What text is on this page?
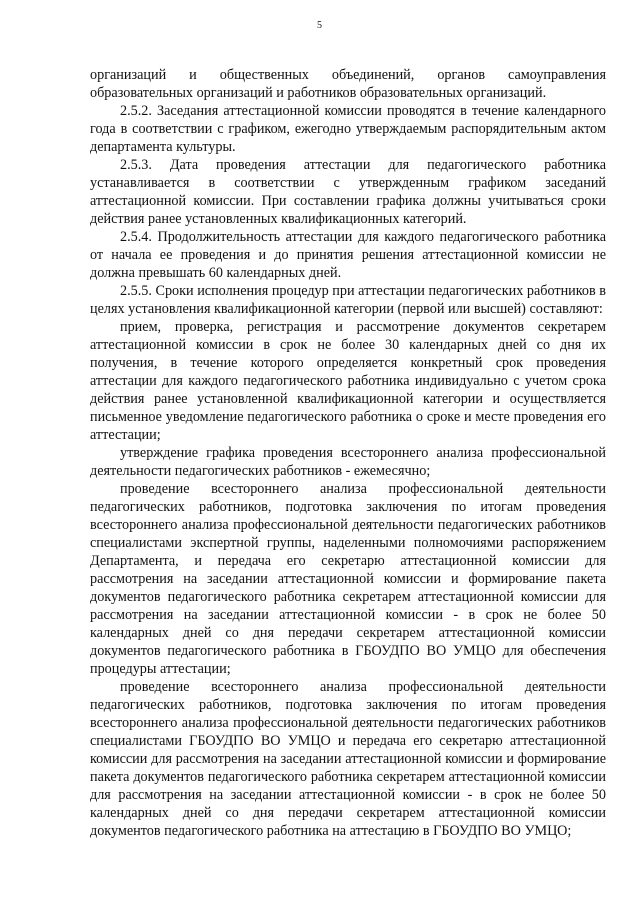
5

организаций и общественных объединений, органов самоуправления образовательных организаций и работников образовательных организаций.

2.5.2. Заседания аттестационной комиссии проводятся в течение календарного года в соответствии с графиком, ежегодно утверждаемым распорядительным актом департамента культуры.

2.5.3. Дата проведения аттестации для педагогического работника устанавливается в соответствии с утвержденным графиком заседаний аттестационной комиссии. При составлении графика должны учитываться сроки действия ранее установленных квалификационных категорий.

2.5.4. Продолжительность аттестации для каждого педагогического работника от начала ее проведения и до принятия решения аттестационной комиссии не должна превышать 60 календарных дней.

2.5.5. Сроки исполнения процедур при аттестации педагогических работников в целях установления квалификационной категории (первой или высшей) составляют:

прием, проверка, регистрация и рассмотрение документов секретарем аттестационной комиссии в срок не более 30 календарных дней со дня их получения, в течение которого определяется конкретный срок проведения аттестации для каждого педагогического работника индивидуально с учетом срока действия ранее установленной квалификационной категории и осуществляется письменное уведомление педагогического работника о сроке и месте проведения его аттестации;

утверждение графика проведения всестороннего анализа профессиональной деятельности педагогических работников - ежемесячно;

проведение всестороннего анализа профессиональной деятельности педагогических работников, подготовка заключения по итогам проведения всестороннего анализа профессиональной деятельности педагогических работников специалистами экспертной группы, наделенными полномочиями распоряжением Департамента, и передача его секретарю аттестационной комиссии для рассмотрения на заседании аттестационной комиссии и формирование пакета документов педагогического работника секретарем аттестационной комиссии для рассмотрения на заседании аттестационной комиссии - в срок не более 50 календарных дней со дня передачи секретарем аттестационной комиссии документов педагогического работника в ГБОУДПО ВО УМЦО для обеспечения процедуры аттестации;

проведение всестороннего анализа профессиональной деятельности педагогических работников, подготовка заключения по итогам проведения всестороннего анализа профессиональной деятельности педагогических работников специалистами ГБОУДПО ВО УМЦО и передача его секретарю аттестационной комиссии для рассмотрения на заседании аттестационной комиссии и формирование пакета документов педагогического работника секретарем аттестационной комиссии для рассмотрения на заседании аттестационной комиссии - в срок не более 50 календарных дней со дня передачи секретарем аттестационной комиссии документов педагогического работника на аттестацию в ГБОУДПО ВО УМЦО;
